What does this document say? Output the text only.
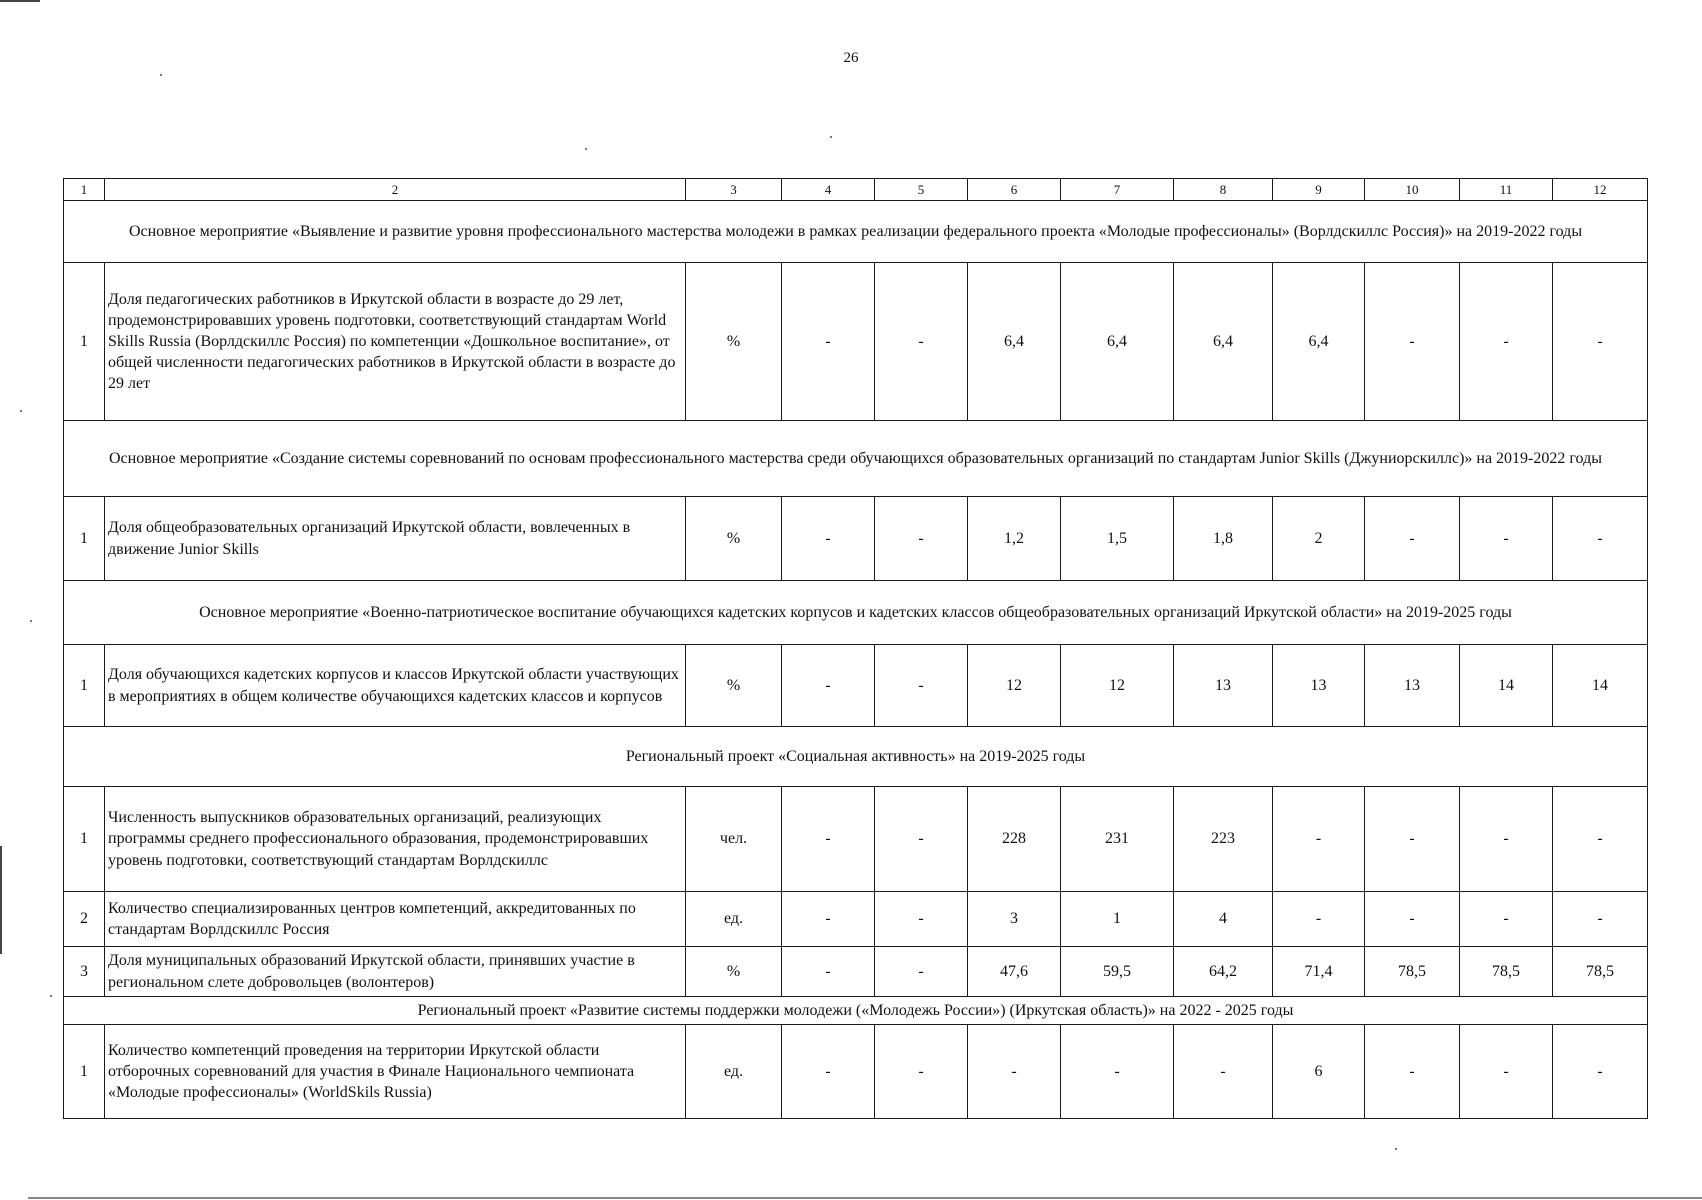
26
1	2	3	4	5	6	7	8	9	10	11	12
Основное мероприятие «Выявление и развитие уровня профессионального мастерства молодежи в рамках реализации федерального проекта «Молодые профессионалы» (Ворлдскиллс Россия)» на 2019-2022 годы											
1	Доля педагогических работников в Иркутской области в возрасте до 29 лет, продемонстрировавших уровень подготовки, соответствующий стандартам World Skills Russia (Ворлдскиллс Россия) по компетенции «Дошкольное воспитание», от общей численности педагогических работников в Иркутской области в возрасте до 29 лет	%	-	-	6,4	6,4	6,4	6,4	-	-	-
Основное мероприятие «Создание системы соревнований по основам профессионального мастерства среди обучающихся образовательных организаций по стандартам Junior Skills (Джуниорскиллс)» на 2019-2022 годы											
1	Доля общеобразовательных организаций Иркутской области, вовлеченных в движение Junior Skills	%	-	-	1,2	1,5	1,8	2	-	-	-
Основное мероприятие «Военно-патриотическое воспитание обучающихся кадетских корпусов и кадетских классов общеобразовательных организаций Иркутской области» на 2019-2025 годы											
1	Доля обучающихся кадетских корпусов и классов Иркутской области участвующих в мероприятиях в общем количестве обучающихся кадетских классов и корпусов	%	-	-	12	12	13	13	13	14	14
Региональный проект «Социальная активность» на 2019-2025 годы											
1	Численность выпускников образовательных организаций, реализующих программы среднего профессионального образования, продемонстрировавших уровень подготовки, соответствующий стандартам Ворлдскиллс	чел.	-	-	228	231	223	-	-	-	-
2	Количество специализированных центров компетенций, аккредитованных по стандартам Ворлдскиллс Россия	ед.	-	-	3	1	4	-	-	-	-
3	Доля муниципальных образований Иркутской области, принявших участие в региональном слете добровольцев (волонтеров)	%	-	-	47,6	59,5	64,2	71,4	78,5	78,5	78,5
Региональный проект «Развитие системы поддержки молодежи («Молодежь России») (Иркутская область)» на 2022 - 2025 годы											
1	Количество компетенций проведения на территории Иркутской области отборочных соревнований для участия в Финале Национального чемпионата «Молодые профессионалы» (WorldSkils Russia)	ед.	-	-	-	-	-	6	-	-	-
